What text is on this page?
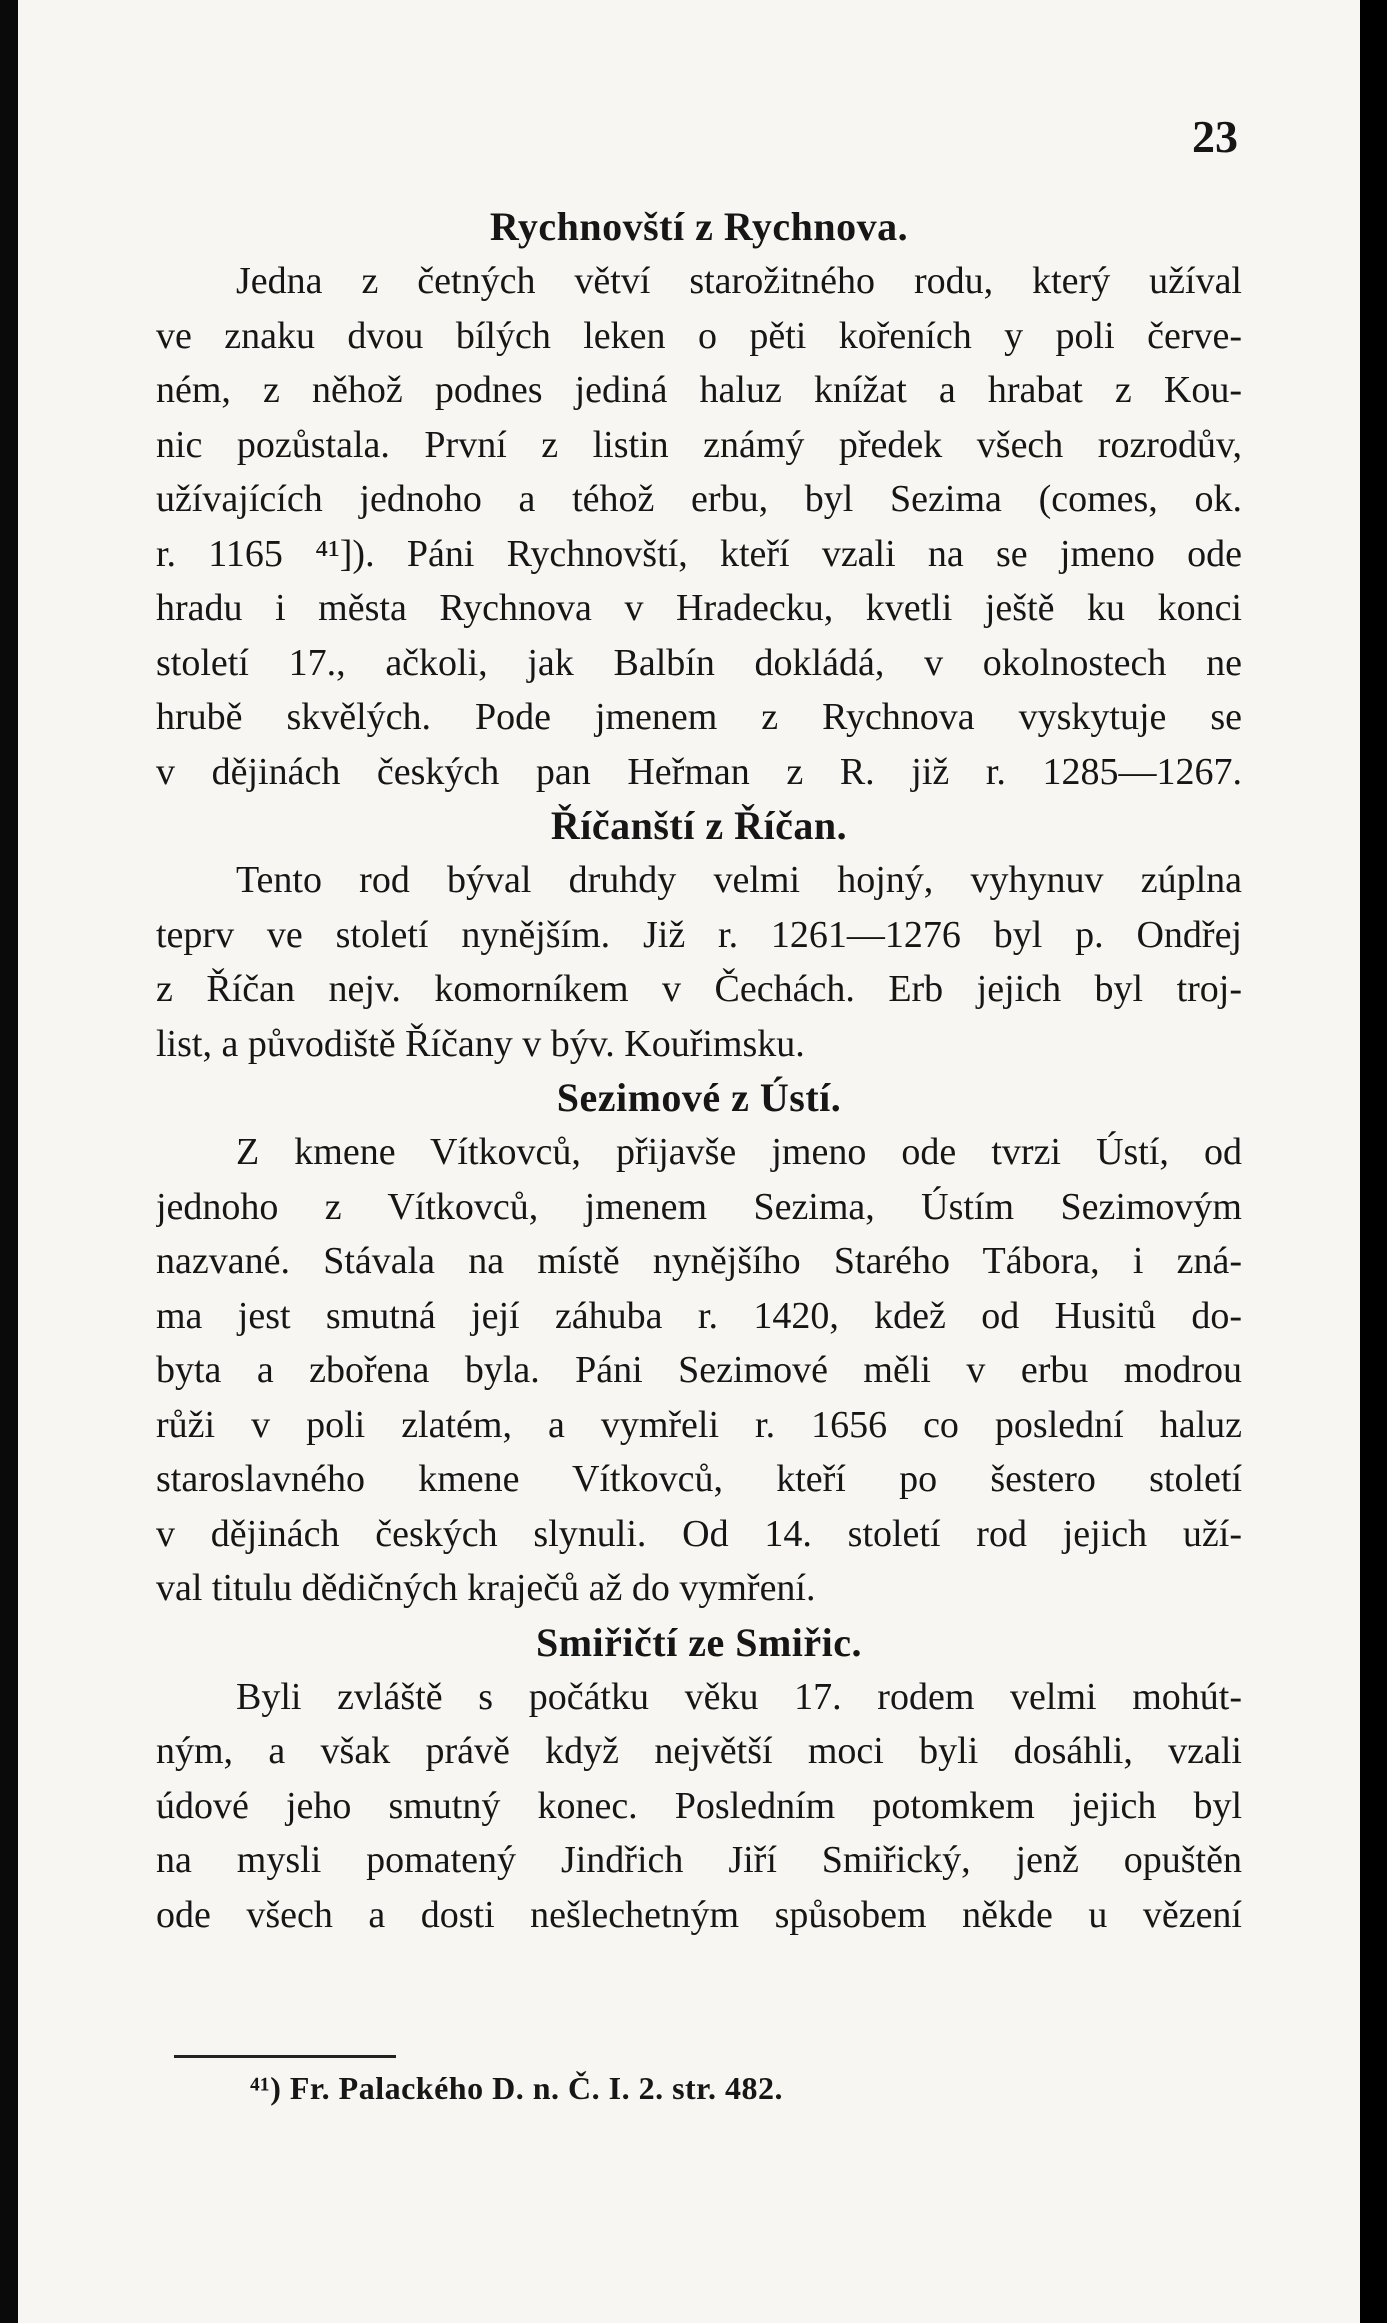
23
Rychnovští z Rychnova.
Jedna z četných větví starožitného rodu, který užíval
ve znaku dvou bílých leken o pěti kořeních y poli červe-
ném, z něhož podnes jediná haluz knížat a hrabat z Kou-
nic pozůstala. První z listin známý předek všech rozrodův,
užívajících jednoho a téhož erbu, byl Sezima (comes, ok.
r. 1165 ⁴¹]). Páni Rychnovští, kteří vzali na se jmeno ode
hradu i města Rychnova v Hradecku, kvetli ještě ku konci
století 17., ačkoli, jak Balbín dokládá, v okolnostech ne
hrubě skvělých. Pode jmenem z Rychnova vyskytuje se
v dějinách českých pan Heřman z R. již r. 1285—1267.
Říčanští z Říčan.
Tento rod býval druhdy velmi hojný, vyhynuv zúplna
teprv ve století nynějším. Již r. 1261—1276 byl p. Ondřej
z Říčan nejv. komorníkem v Čechách. Erb jejich byl troj-
list, a původiště Říčany v býv. Kouřimsku.
Sezimové z Ústí.
Z kmene Vítkovců, přijavše jmeno ode tvrzi Ústí, od
jednoho z Vítkovců, jmenem Sezima, Ústím Sezimovým
nazvané. Stávala na místě nynějšího Starého Tábora, i zná-
ma jest smutná její záhuba r. 1420, kdež od Husitů do-
byta a zbořena byla. Páni Sezimové měli v erbu modrou
růži v poli zlatém, a vymřeli r. 1656 co poslední haluz
staroslavného kmene Vítkovců, kteří po šestero století
v dějinách českých slynuli. Od 14. století rod jejich uží-
val titulu dědičných kraječů až do vymření.
Smiřičtí ze Smiřic.
Byli zvláště s počátku věku 17. rodem velmi mohút-
ným, a však právě když největší moci byli dosáhli, vzali
údové jeho smutný konec. Posledním potomkem jejich byl
na mysli pomatený Jindřich Jiří Smiřický, jenž opuštěn
ode všech a dosti nešlechetným spůsobem někde u vězení
⁴¹) Fr. Palackého D. n. Č. I. 2. str. 482.
